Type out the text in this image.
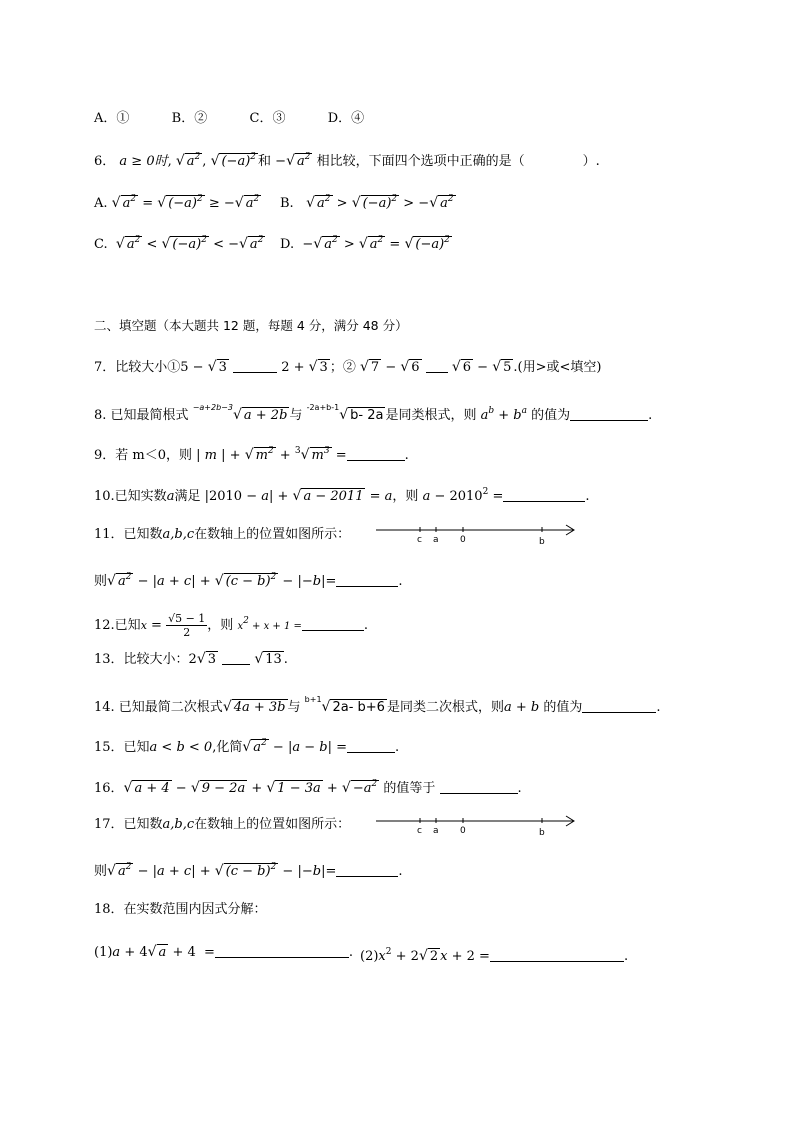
A．①	B．②	C．③	D．④
6． a ≥ 0时, √ $a^2$ , √ $(-a)^2$ 和 −√ $a^2$ 相比较，下面四个选项中正确的是（	）.
A. √ $a^2$ = √ $(-a)^2$ ≥ −√ $a^2$ B. √ $a^2$ > √ $(-a)^2$ > −√ $a^2$
C. √ $a^2$ < √ $(-a)^2$ < −√ $a^2$ D.  −√ $a^2$ > √ $a^2$ = √ $(-a)^2$
二、填空题（本大题共 12 题，每题 4 分，满分 48 分）
7．比较大小①5 − √ 3	2 + √ 3 ；② √ 7 − √ 6 √ 6 − √ 5 .(用>或<填空)
8. 已知最简根式 $^{-a+2b-3}$√ a + 2b 与 $^{-2a+b-1}$√ b- 2a 是同类根式，则 $a^b + b^a$ 的值为	.
9．若 m＜0，则 | m | + √ $m^2 + ^3√$ $m^3$ =	.
10.已知实数a满足 |2010 − a| + √ a − 2011 = a，则 $a - 2010^2$ =	.
11．已知数a,b,c在数轴上的位置如图所示：	c a 0	b
则√ $a^2 - |a + c|$ + √ $(c - b)^2 - |-b|=$	.
12.已知$x = \frac{√5 - 1}{2}$ ，则 $x^2 + x + 1$ =	.
13．比较大小：2√ 3	√ 13 .
14. 已知最简二次根式√ 4a + 3b 与 $^{b+1}$√ 2a- b+6 是同类二次根式，则a + b 的值为	.
15．已知a < b < 0,化简√ $a^2 - |a - b|$ =	.
16．√ a + 4 − √ 9 − 2a + √ 1 − 3a + √ $-a^2$ 的值等于	.
17．已知数a,b,c在数轴上的位置如图所示：	c a 0	b
则√ $a^2 - |a + c|$ + √ $(c - b)^2 - |-b|=$	.
18．在实数范围内因式分解：
(1)a + 4√ a + 4  =	. $(2)x^2 + 2√$ 2 x + 2 =	.
